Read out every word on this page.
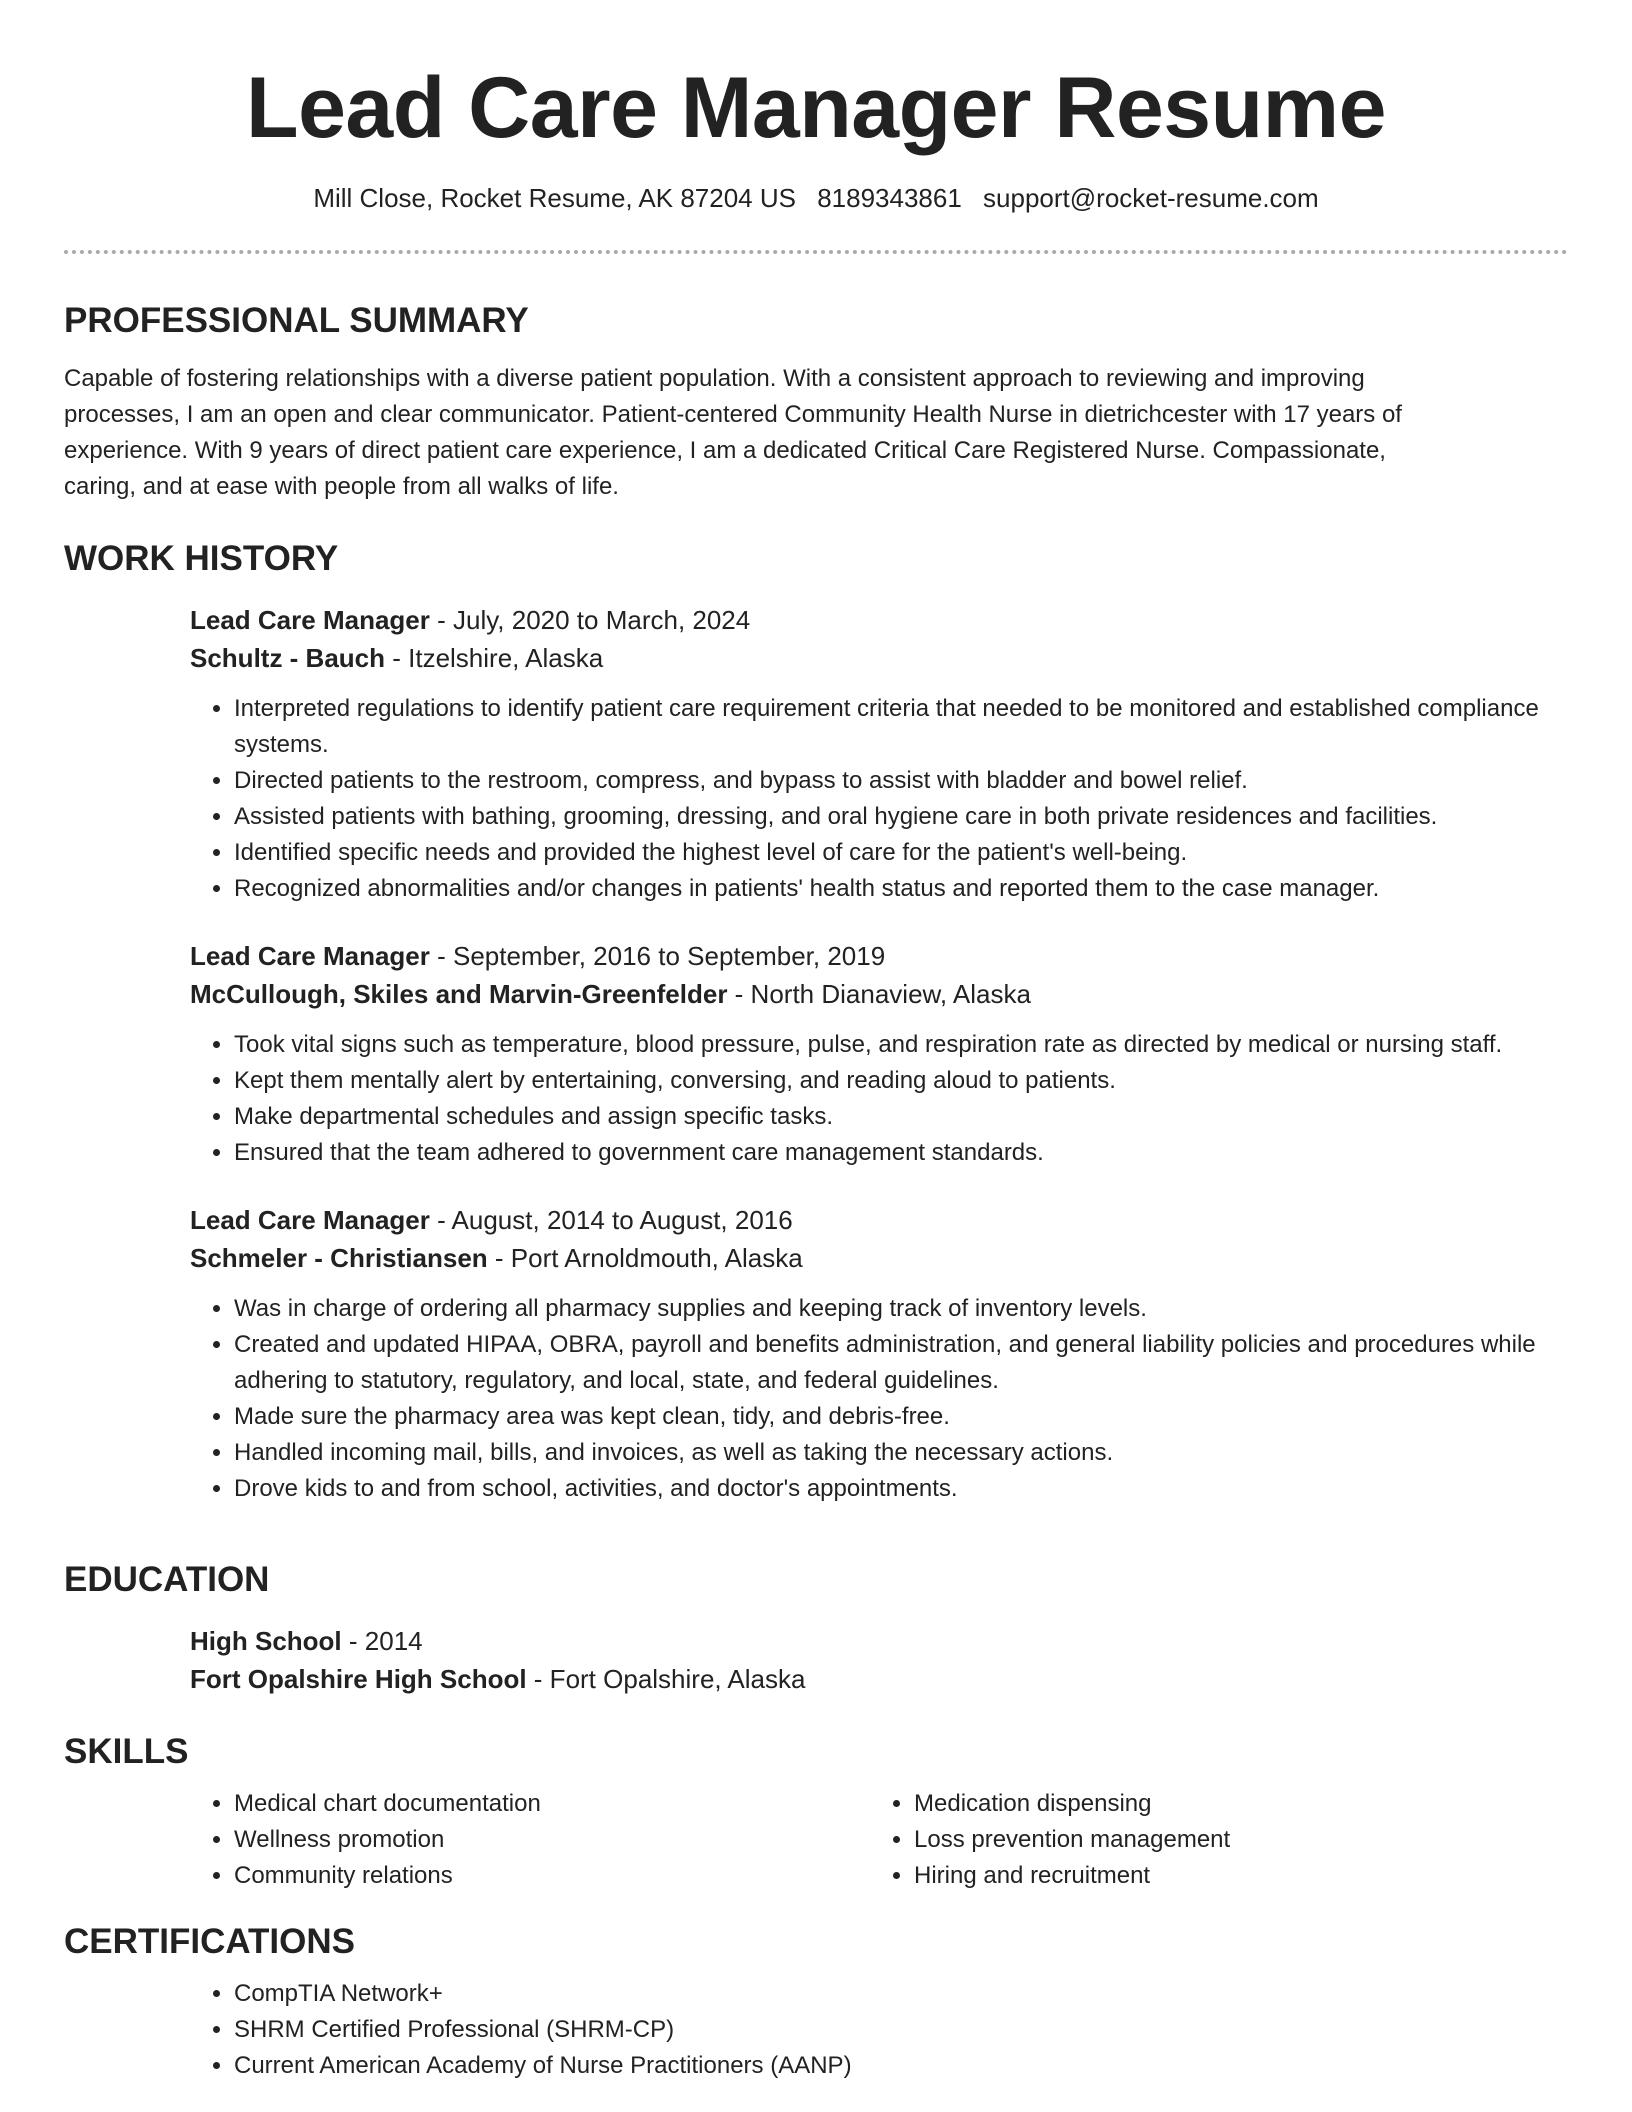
Lead Care Manager Resume
Mill Close, Rocket Resume, AK 87204 US 8189343861 support@rocket-resume.com
PROFESSIONAL SUMMARY

Capable of fostering relationships with a diverse patient population. With a consistent approach to reviewing and improving processes, I am an open and clear communicator. Patient-centered Community Health Nurse in dietrichcester with 17 years of experience. With 9 years of direct patient care experience, I am a dedicated Critical Care Registered Nurse. Compassionate, caring, and at ease with people from all walks of life.

WORK HISTORY
Lead Care Manager - July, 2020 to March, 2024
Schultz - Bauch - Itzelshire, Alaska
• Interpreted regulations to identify patient care requirement criteria that needed to be monitored and established compliance systems.
• Directed patients to the restroom, compress, and bypass to assist with bladder and bowel relief.
• Assisted patients with bathing, grooming, dressing, and oral hygiene care in both private residences and facilities.
• Identified specific needs and provided the highest level of care for the patient's well-being.
• Recognized abnormalities and/or changes in patients' health status and reported them to the case manager.
Lead Care Manager - September, 2016 to September, 2019
McCullough, Skiles and Marvin-Greenfelder - North Dianaview, Alaska
• Took vital signs such as temperature, blood pressure, pulse, and respiration rate as directed by medical or nursing staff.
• Kept them mentally alert by entertaining, conversing, and reading aloud to patients.
• Make departmental schedules and assign specific tasks.
• Ensured that the team adhered to government care management standards.
Lead Care Manager - August, 2014 to August, 2016
Schmeler - Christiansen - Port Arnoldmouth, Alaska
• Was in charge of ordering all pharmacy supplies and keeping track of inventory levels.
• Created and updated HIPAA, OBRA, payroll and benefits administration, and general liability policies and procedures while adhering to statutory, regulatory, and local, state, and federal guidelines.
• Made sure the pharmacy area was kept clean, tidy, and debris-free.
• Handled incoming mail, bills, and invoices, as well as taking the necessary actions.
• Drove kids to and from school, activities, and doctor's appointments.
EDUCATION
High School - 2014
Fort Opalshire High School - Fort Opalshire, Alaska
SKILLS
• Medical chart documentation
• Wellness promotion
• Community relations
• Medication dispensing
• Loss prevention management
• Hiring and recruitment
CERTIFICATIONS
• CompTIA Network+
• SHRM Certified Professional (SHRM-CP)
• Current American Academy of Nurse Practitioners (AANP)
